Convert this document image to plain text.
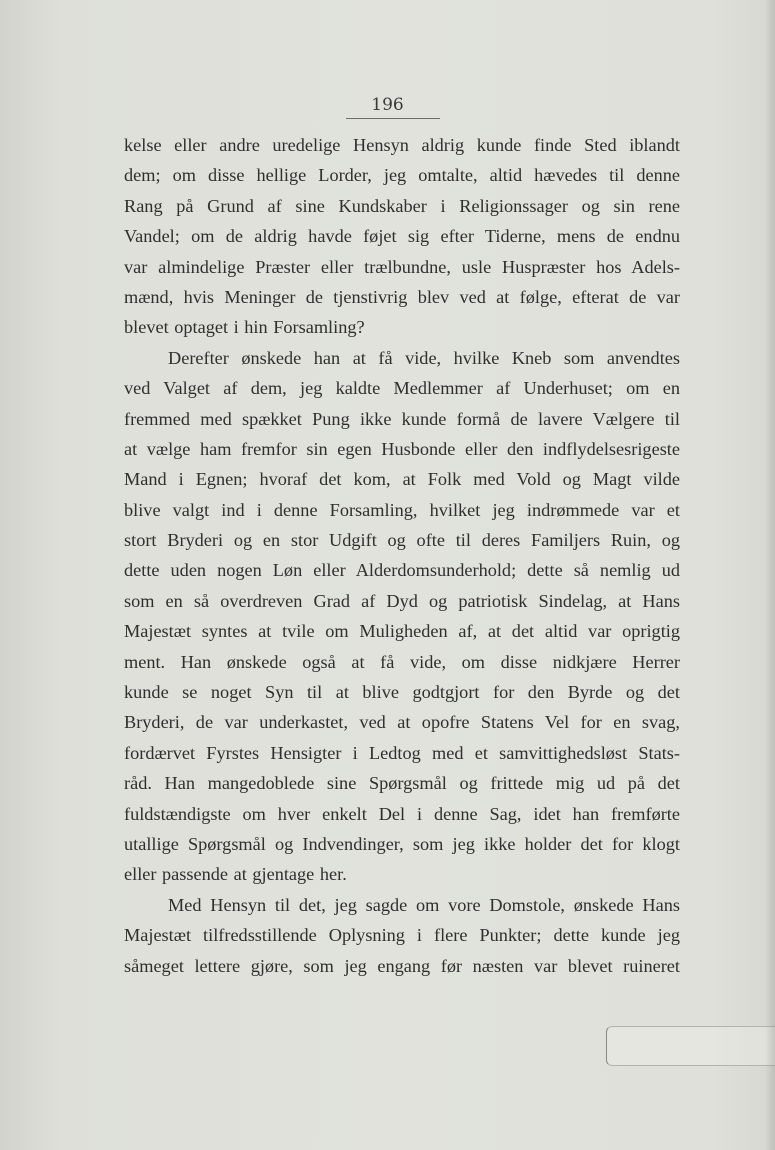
196
kelse eller andre uredelige Hensyn aldrig kunde finde Sted iblandt
dem; om disse hellige Lorder, jeg omtalte, altid hævedes til denne
Rang på Grund af sine Kundskaber i Religionssager og sin rene
Vandel; om de aldrig havde føjet sig efter Tiderne, mens de endnu
var almindelige Præster eller trælbundne, usle Huspræster hos Adels-
mænd, hvis Meninger de tjenstivrig blev ved at følge, efterat de var
blevet optaget i hin Forsamling?
Derefter ønskede han at få vide, hvilke Kneb som anvendtes
ved Valget af dem, jeg kaldte Medlemmer af Underhuset; om en
fremmed med spækket Pung ikke kunde formå de lavere Vælgere til
at vælge ham fremfor sin egen Husbonde eller den indflydelsesrigeste
Mand i Egnen; hvoraf det kom, at Folk med Vold og Magt vilde
blive valgt ind i denne Forsamling, hvilket jeg indrømmede var et
stort Bryderi og en stor Udgift og ofte til deres Familjers Ruin, og
dette uden nogen Løn eller Alderdomsunderhold; dette så nemlig ud
som en så overdreven Grad af Dyd og patriotisk Sindelag, at Hans
Majestæt syntes at tvile om Muligheden af, at det altid var oprigtig
ment. Han ønskede også at få vide, om disse nidkjære Herrer
kunde se noget Syn til at blive godtgjort for den Byrde og det
Bryderi, de var underkastet, ved at opofre Statens Vel for en svag,
fordærvet Fyrstes Hensigter i Ledtog med et samvittighedsløst Stats-
råd. Han mangedoblede sine Spørgsmål og frittede mig ud på det
fuldstændigste om hver enkelt Del i denne Sag, idet han fremførte
utallige Spørgsmål og Indvendinger, som jeg ikke holder det for klogt
eller passende at gjentage her.
Med Hensyn til det, jeg sagde om vore Domstole, ønskede Hans
Majestæt tilfredsstillende Oplysning i flere Punkter; dette kunde jeg
såmeget lettere gjøre, som jeg engang før næsten var blevet ruineret
